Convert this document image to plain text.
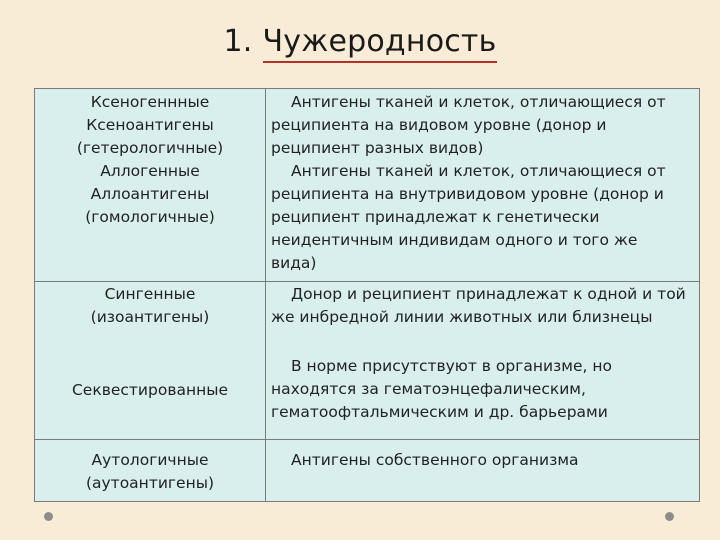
1. Чужеродность
Ксеногеннные
Ксеноантигены
(гетерологичные)
Аллогенные
Аллоантигены
(гомологичные)
Антигены тканей и клеток, отличающиеся от
реципиента на видовом уровне (донор и
реципиент разных видов)
Антигены тканей и клеток, отличающиеся от
реципиента на внутривидовом уровне (донор и
реципиент принадлежат к генетически
неидентичным индивидам одного и того же
вида)
Сингенные
(изоантигены)
Донор и реципиент принадлежат к одной и той
же инбредной линии животных или близнецы
Секвестированные
В норме присутствуют в организме, но
находятся за гематоэнцефалическим,
гематоофтальмическим и др. барьерами
Аутологичные
(аутоантигены)
Антигены собственного организма
